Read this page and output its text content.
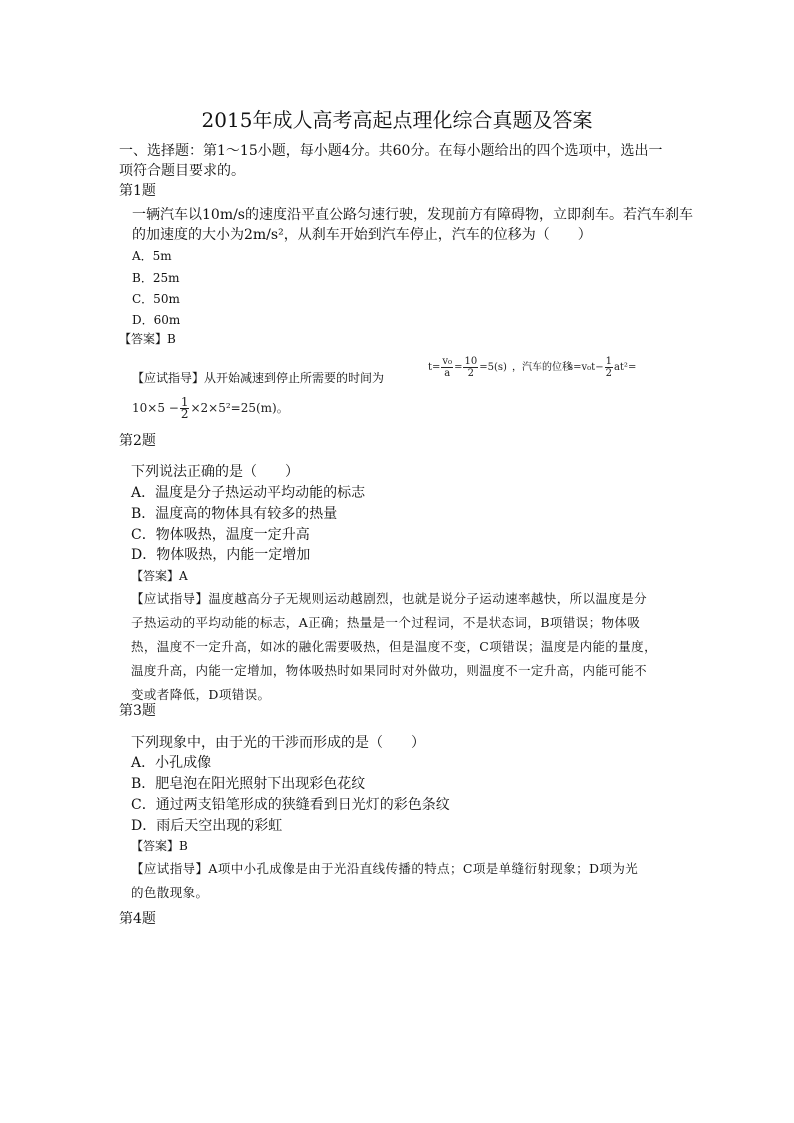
2015年成人高考高起点理化综合真题及答案
一、选择题：第1～15小题，每小题4分。共60分。在每小题给出的四个选项中，选出一
项符合题目要求的。
第1题
一辆汽车以10m/s的速度沿平直公路匀速行驶，发现前方有障碍物，立即刹车。若汽车刹车
的加速度的大小为2m/s²，从刹车开始到汽车停止，汽车的位移为（　　）
A．5m
B．25m
C．50m
D．60m
【答案】B
【应试指导】从开始减速到停止所需要的时间为
$t= \frac{\text{v₀}}{a} = \frac{10}{2} =5(s)$ ，汽车的位移
$s=v_0t- \frac{1}{2} at^2=$
$10\times 5 - \frac{1}{2} \times 2\times 5^2=25(m)$。
第2题
下列说法正确的是（　　）
A．温度是分子热运动平均动能的标志
B．温度高的物体具有较多的热量
C．物体吸热，温度一定升高
D．物体吸热，内能一定增加
【答案】A
【应试指导】温度越高分子无规则运动越剧烈，也就是说分子运动速率越快，所以温度是分
子热运动的平均动能的标志，A正确；热量是一个过程词，不是状态词，B项错误；物体吸
热，温度不一定升高，如冰的融化需要吸热，但是温度不变，C项错误；温度是内能的量度，
温度升高，内能一定增加，物体吸热时如果同时对外做功，则温度不一定升高，内能可能不
变或者降低，D项错误。
第3题
下列现象中，由于光的干涉而形成的是（　　）
A．小孔成像
B．肥皂泡在阳光照射下出现彩色花纹
C．通过两支铅笔形成的狭缝看到日光灯的彩色条纹
D．雨后天空出现的彩虹
【答案】B
【应试指导】A项中小孔成像是由于光沿直线传播的特点；C项是单缝衍射现象；D项为光
的色散现象。
第4题
